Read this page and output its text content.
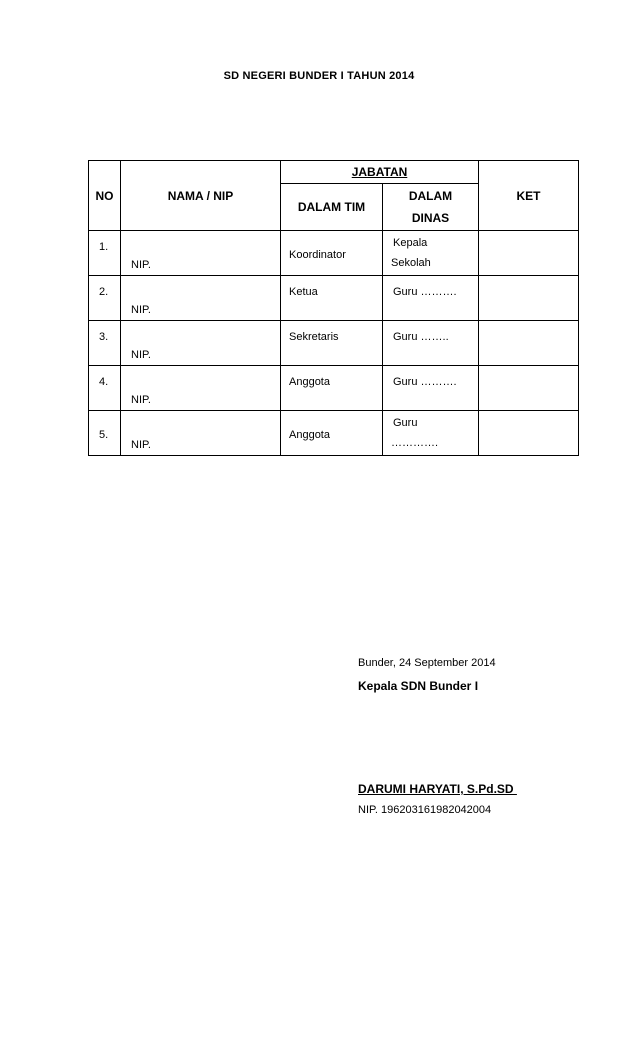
SD NEGERI BUNDER I TAHUN 2014
NO	NAMA / NIP	JABATAN		KET
		DALAM TIM	DALAM
DINAS	

1.	NIP.	Koordinator	Kepala
Sekolah	

2.	NIP.	Ketua	Guru ……….	

3.	NIP.	Sekretaris	Guru ……..	

4.	NIP.	Anggota	Guru ……….	

5.	NIP.	Anggota	Guru
………….	

Bunder, 24 September 2014
Kepala SDN Bunder I
DARUMI HARYATI, S.Pd.SD
NIP. 196203161982042004
